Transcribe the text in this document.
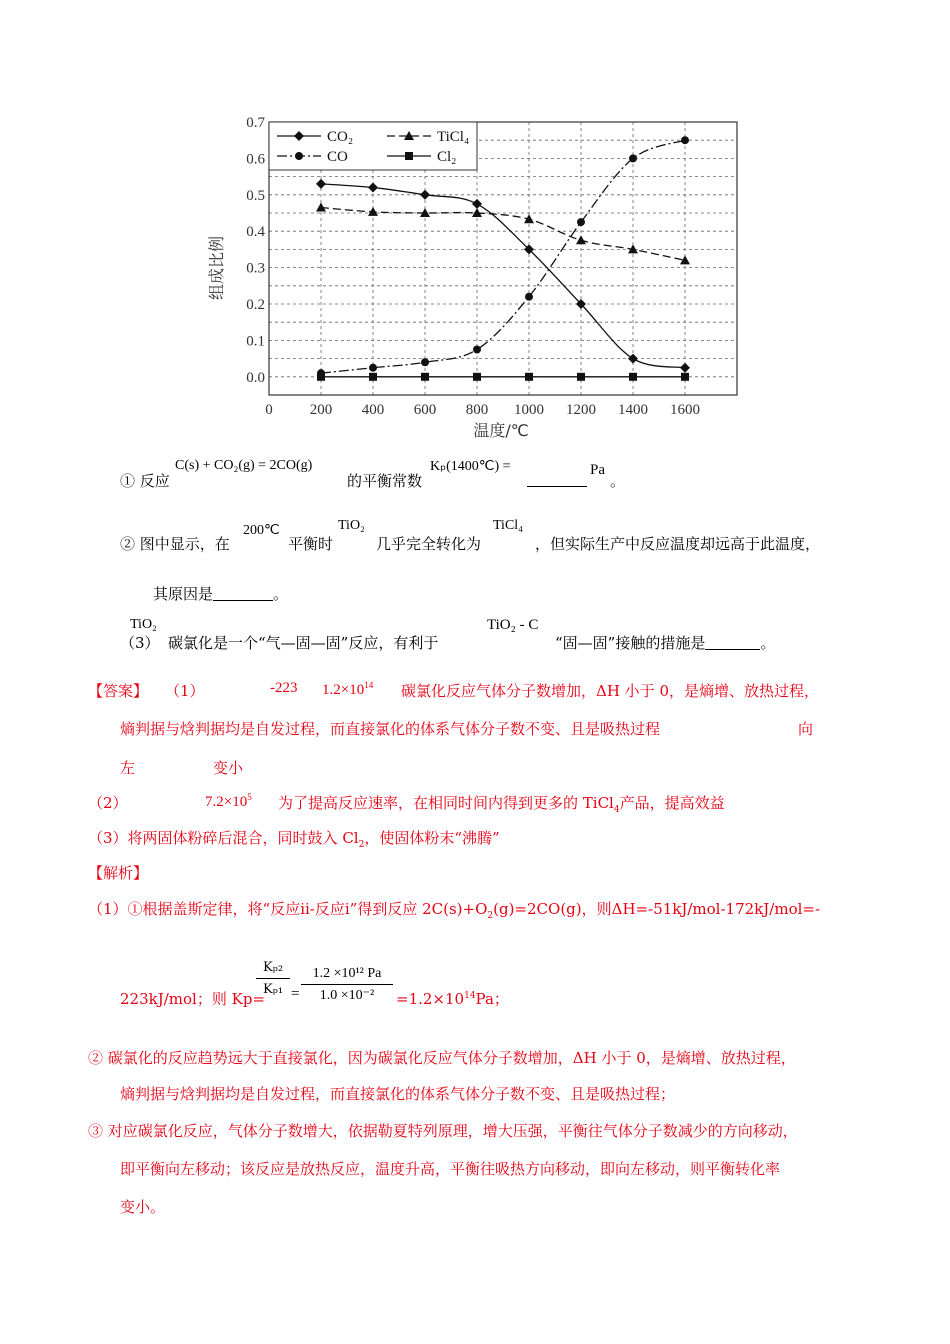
0.0
0.1
0.2
0.3
0.4
0.5
0.6
0.7
0 200 400 600 800 1000 1200 1400 1600
CO₂	TiCl₄
CO	Cl₂
组成比例
温度/℃
① 反应
C(s) + CO₂(g) = 2CO(g)
的平衡常数
Kₚ(1400℃) =	Pa
。
② 图中显示，在
200℃
平衡时
TiO₂
几乎完全转化为
TiCl₄
，但实际生产中反应温度却远高于此温度，
其原因是	。
（3）
TiO₂
碳氯化是一个“气—固—固”反应，有利于
TiO₂ - C
“固—固”接触的措施是	。
【答案】 （1）	-223 $1.2\times 10^{14}$ 碳氯化反应气体分子数增加，ΔH 小于 0，是熵增、放热过程，
熵判据与焓判据均是自发过程，而直接氯化的体系气体分子数不变、且是吸热过程	向
左	变小
（2）	$7.2\times 10^5$ 为了提高反应速率，在相同时间内得到更多的 TiCl$_4$产品，提高效益
（3）将两固体粉碎后混合，同时鼓入 $Cl_2$，使固体粉末“沸腾”
【解析】
（1）①根据盖斯定律，将“反应ⅱ-反应ⅰ”得到反应 $2C(s)+O_2(g)=2CO(g)$，则ΔH=-51kJ/mol-172kJ/mol=-
223kJ/mol；则 Kp=
Kₚ₂
Kₚ₁ =
1.2 ×10¹² Pa
1.0 ×10⁻²	$=1.2\times 10^{14}Pa$；
② 碳氯化的反应趋势远大于直接氯化，因为碳氯化反应气体分子数增加，ΔH 小于 0，是熵增、放热过程，
熵判据与焓判据均是自发过程，而直接氯化的体系气体分子数不变、且是吸热过程；
③ 对应碳氯化反应，气体分子数增大，依据勒夏特列原理，增大压强，平衡往气体分子数减少的方向移动，
即平衡向左移动；该反应是放热反应，温度升高，平衡往吸热方向移动，即向左移动，则平衡转化率
变小。
